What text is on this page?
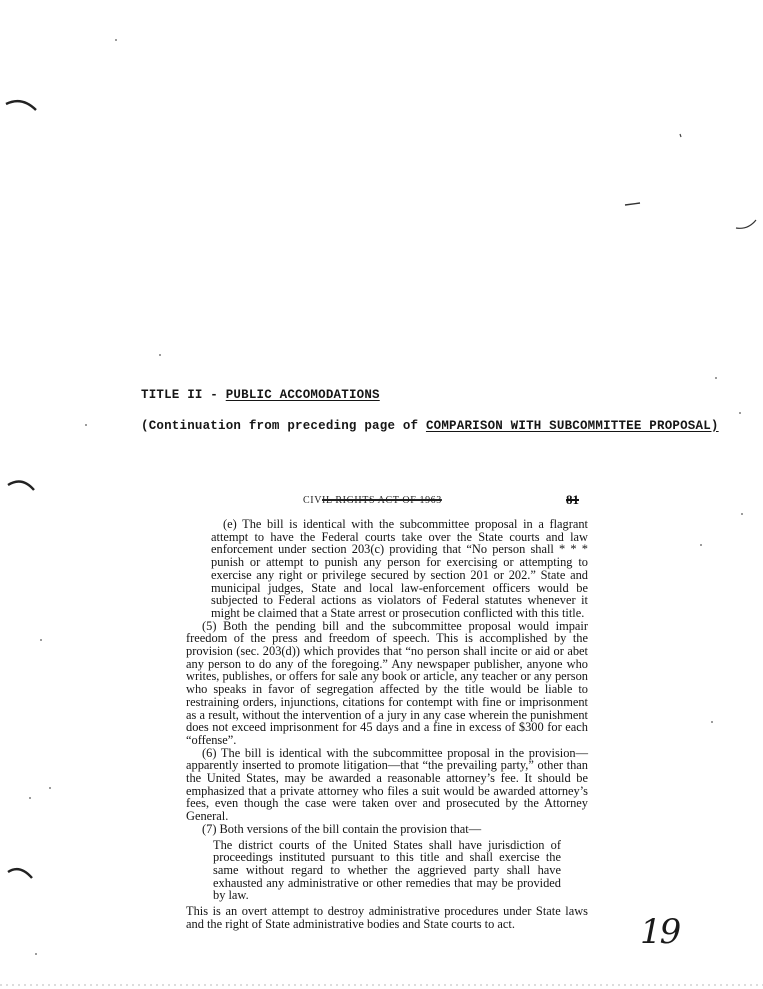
TITLE II - PUBLIC ACCOMODATIONS
(Continuation from preceding page of COMPARISON WITH SUBCOMMITTEE PROPOSAL)
CIVIL RIGHTS ACT OF 1963	81

(e) The bill is identical with the subcommittee proposal in a flagrant attempt to have the Federal courts take over the State courts and law enforcement under section 203(c) providing that “No person shall * * * punish or attempt to punish any person for exercising or attempting to exercise any right or privilege secured by section 201 or 202.” State and municipal judges, State and local law-enforcement officers would be subjected to Federal actions as violators of Federal statutes whenever it might be claimed that a State arrest or prosecution conflicted with this title.

(5) Both the pending bill and the subcommittee proposal would impair freedom of the press and freedom of speech. This is accomplished by the provision (sec. 203(d)) which provides that “no person shall incite or aid or abet any person to do any of the foregoing.” Any newspaper publisher, anyone who writes, publishes, or offers for sale any book or article, any teacher or any person who speaks in favor of segregation affected by the title would be liable to restraining orders, injunctions, citations for contempt with fine or imprisonment as a result, without the intervention of a jury in any case wherein the punishment does not exceed imprisonment for 45 days and a fine in excess of $300 for each “offense”.

(6) The bill is identical with the subcommittee proposal in the provision—apparently inserted to promote litigation—that “the prevailing party,” other than the United States, may be awarded a reasonable attorney’s fee. It should be emphasized that a private attorney who files a suit would be awarded attorney’s fees, even though the case were taken over and prosecuted by the Attorney General.

(7) Both versions of the bill contain the provision that—

The district courts of the United States shall have jurisdiction of proceedings instituted pursuant to this title and shall exercise the same without regard to whether the aggrieved party shall have exhausted any administrative or other remedies that may be provided by law.

This is an overt attempt to destroy administrative procedures under State laws and the right of State administrative bodies and State courts to act.	19
